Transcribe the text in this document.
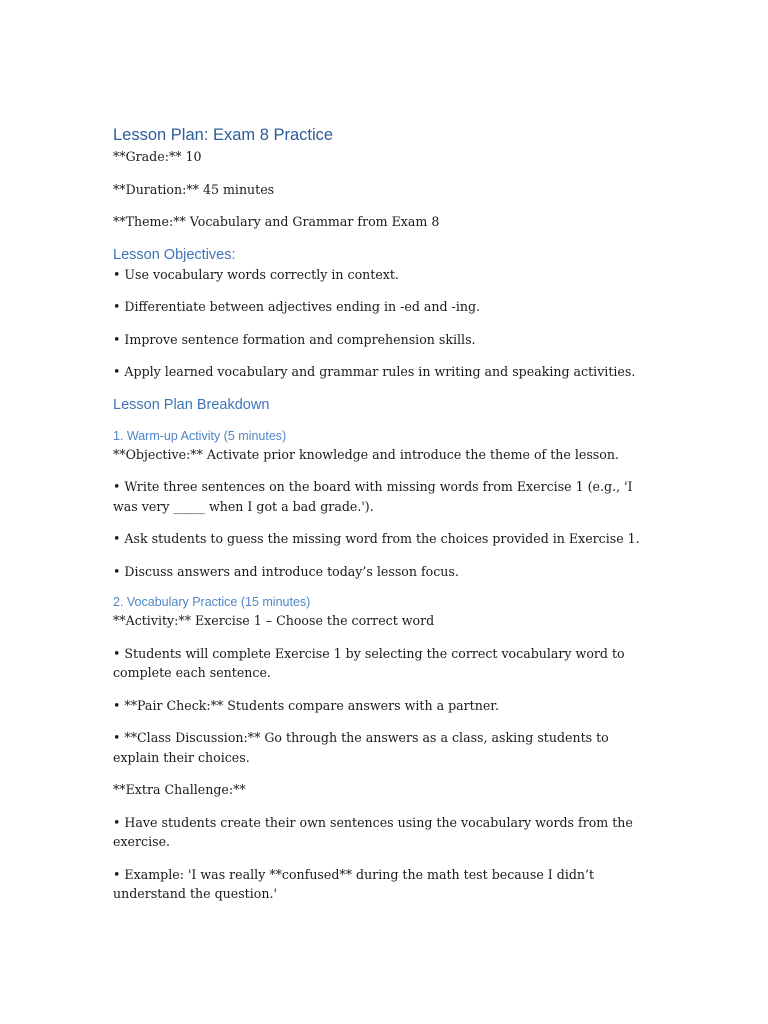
Lesson Plan: Exam 8 Practice

**Grade:** 10

**Duration:** 45 minutes

**Theme:** Vocabulary and Grammar from Exam 8

Lesson Objectives:

• Use vocabulary words correctly in context.

• Differentiate between adjectives ending in -ed and -ing.

• Improve sentence formation and comprehension skills.

• Apply learned vocabulary and grammar rules in writing and speaking activities.

Lesson Plan Breakdown
1. Warm-up Activity (5 minutes)

**Objective:** Activate prior knowledge and introduce the theme of the lesson.

• Write three sentences on the board with missing words from Exercise 1 (e.g., 'I was very _____ when I got a bad grade.').

• Ask students to guess the missing word from the choices provided in Exercise 1.

• Discuss answers and introduce today’s lesson focus.

2. Vocabulary Practice (15 minutes)

**Activity:** Exercise 1 – Choose the correct word

• Students will complete Exercise 1 by selecting the correct vocabulary word to complete each sentence.

• **Pair Check:** Students compare answers with a partner.

• **Class Discussion:** Go through the answers as a class, asking students to explain their choices.

**Extra Challenge:**

• Have students create their own sentences using the vocabulary words from the exercise.

• Example: 'I was really **confused** during the math test because I didn’t understand the question.'
